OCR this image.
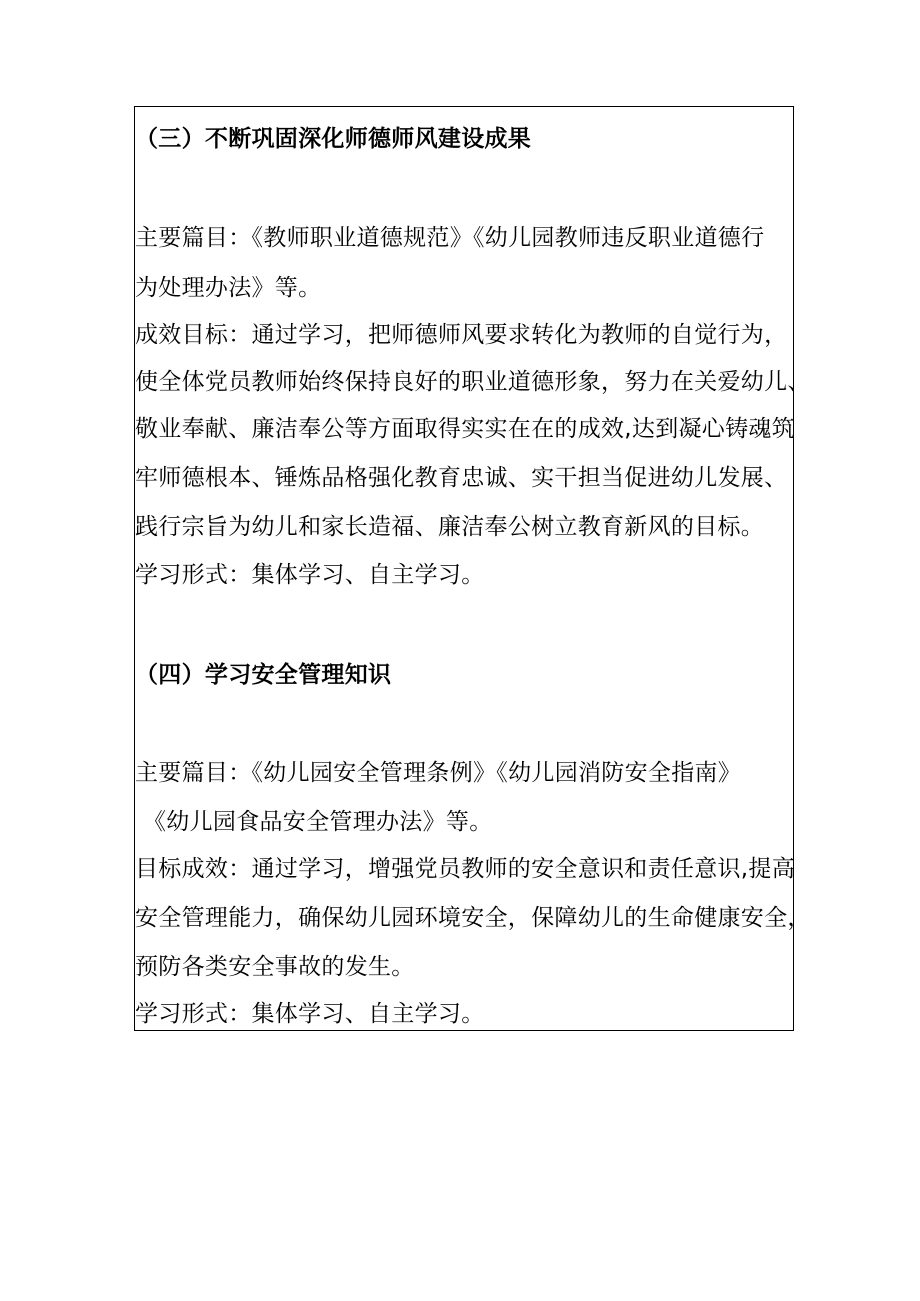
（三）不断巩固深化师德师风建设成果
主要篇目：《教师职业道德规范》《幼儿园教师违反职业道德行
为处理办法》等。
成效目标：通过学习，把师德师风要求转化为教师的自觉行为，
使全体党员教师始终保持良好的职业道德形象，努力在关爱幼儿、
敬业奉献、廉洁奉公等方面取得实实在在的成效,达到凝心铸魂筑
牢师德根本、锤炼品格强化教育忠诚、实干担当促进幼儿发展、
践行宗旨为幼儿和家长造福、廉洁奉公树立教育新风的目标。
学习形式：集体学习、自主学习。
（四）学习安全管理知识
主要篇目：《幼儿园安全管理条例》《幼儿园消防安全指南》
《幼儿园食品安全管理办法》等。
目标成效：通过学习，增强党员教师的安全意识和责任意识,提高
安全管理能力，确保幼儿园环境安全，保障幼儿的生命健康安全，
预防各类安全事故的发生。
学习形式：集体学习、自主学习。
